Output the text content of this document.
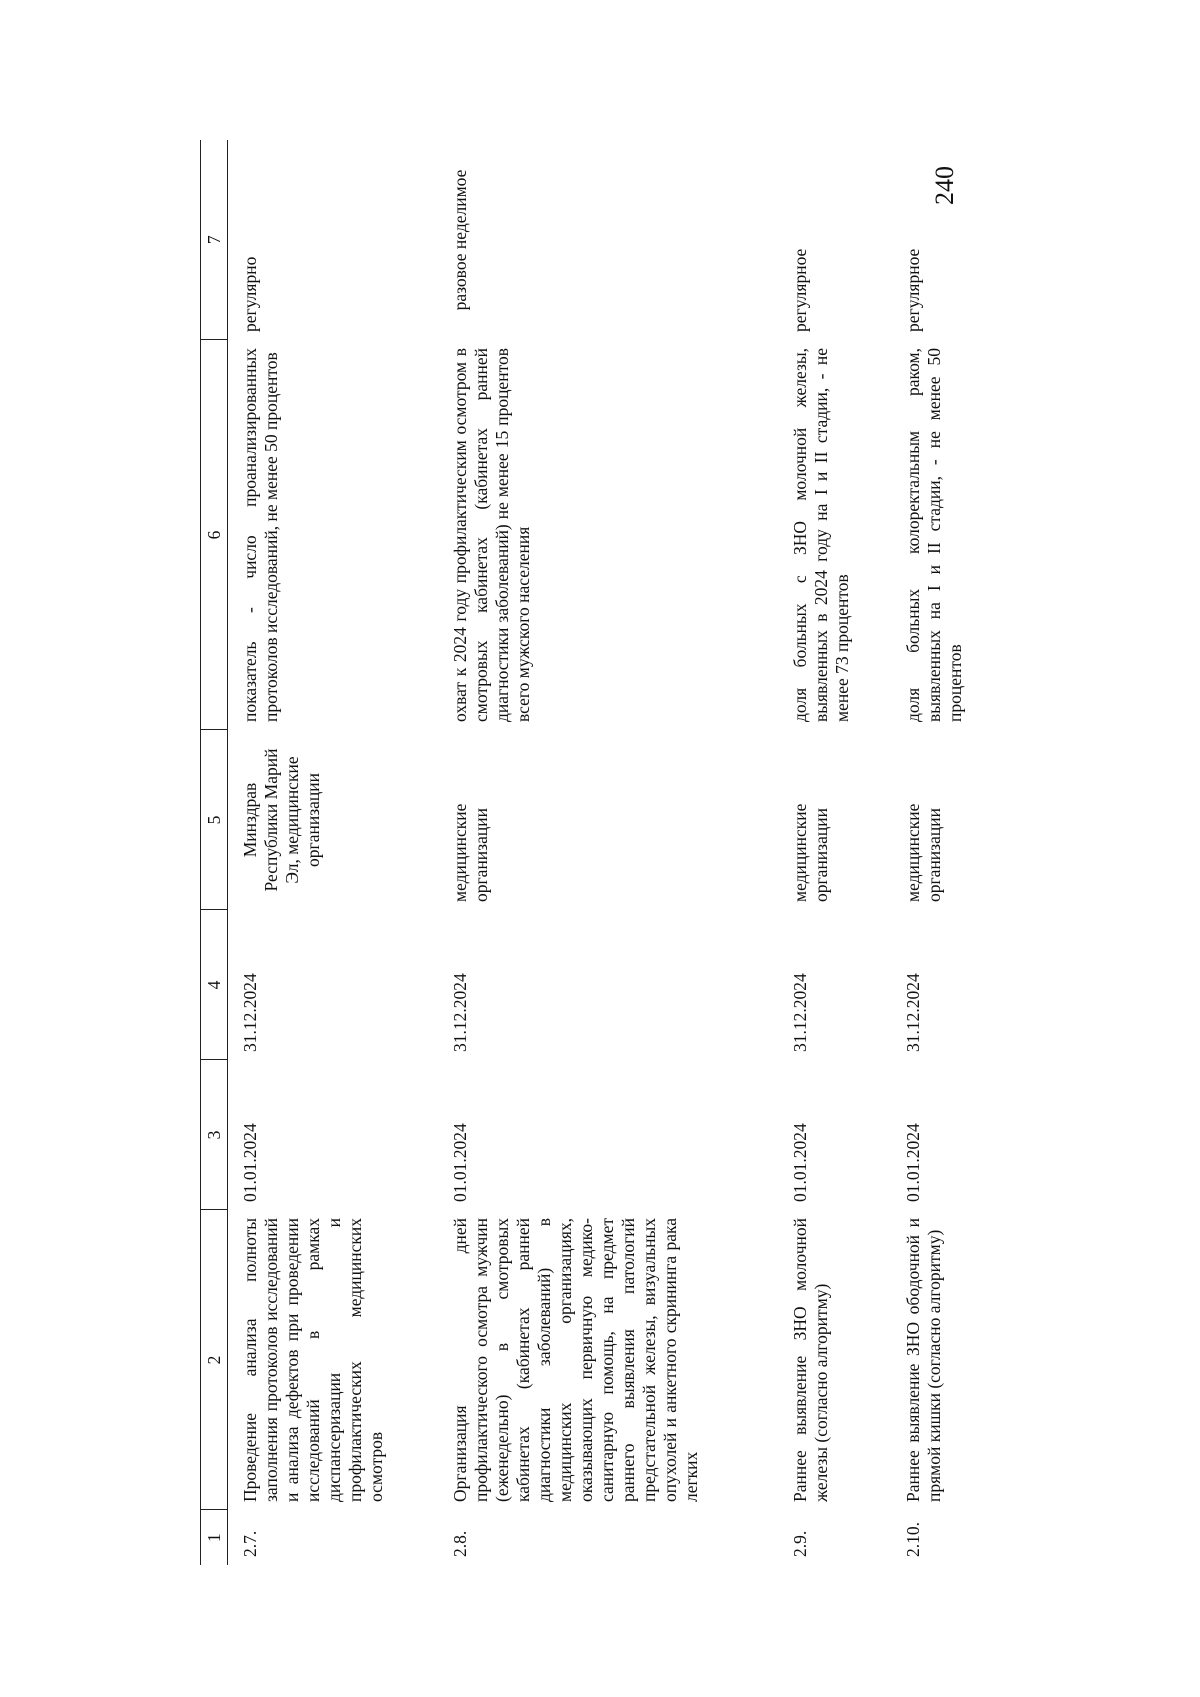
240
1	2	3	4	5	6	7
2.7.	Проведение анализа полноты заполнения протоколов исследований и анализа дефектов при проведении исследований в рамках диспансеризации и профилактических медицинских осмотров	01.01.2024	31.12.2024	Минздрав Республики Марий Эл, медицинские организации	показатель - число проанализированных протоколов исследований, не менее 50 процентов	регулярно
2.8.	Организация дней профилактического осмотра мужчин (еженедельно) в смотровых кабинетах (кабинетах ранней диагностики заболеваний) в медицинских организациях, оказывающих первичную медико-санитарную помощь, на предмет раннего выявления патологий предстательной железы, визуальных опухолей и анкетного скрининга рака легких	01.01.2024	31.12.2024	медицинские организации	охват к 2024 году профилактическим осмотром в смотровых кабинетах (кабинетах ранней диагностики заболеваний) не менее 15 процентов всего мужского населения	разовое неделимое
2.9.	Раннее выявление ЗНО молочной железы (согласно алгоритму)	01.01.2024	31.12.2024	медицинские организации	доля больных с ЗНО молочной железы, выявленных в 2024 году на I и II стадии, - не менее 73 процентов	регулярное
2.10.	Раннее выявление ЗНО ободочной и прямой кишки (согласно алгоритму)	01.01.2024	31.12.2024	медицинские организации	доля больных колоректальным раком, выявленных на I и II стадии, - не менее 50 процентов	регулярное
